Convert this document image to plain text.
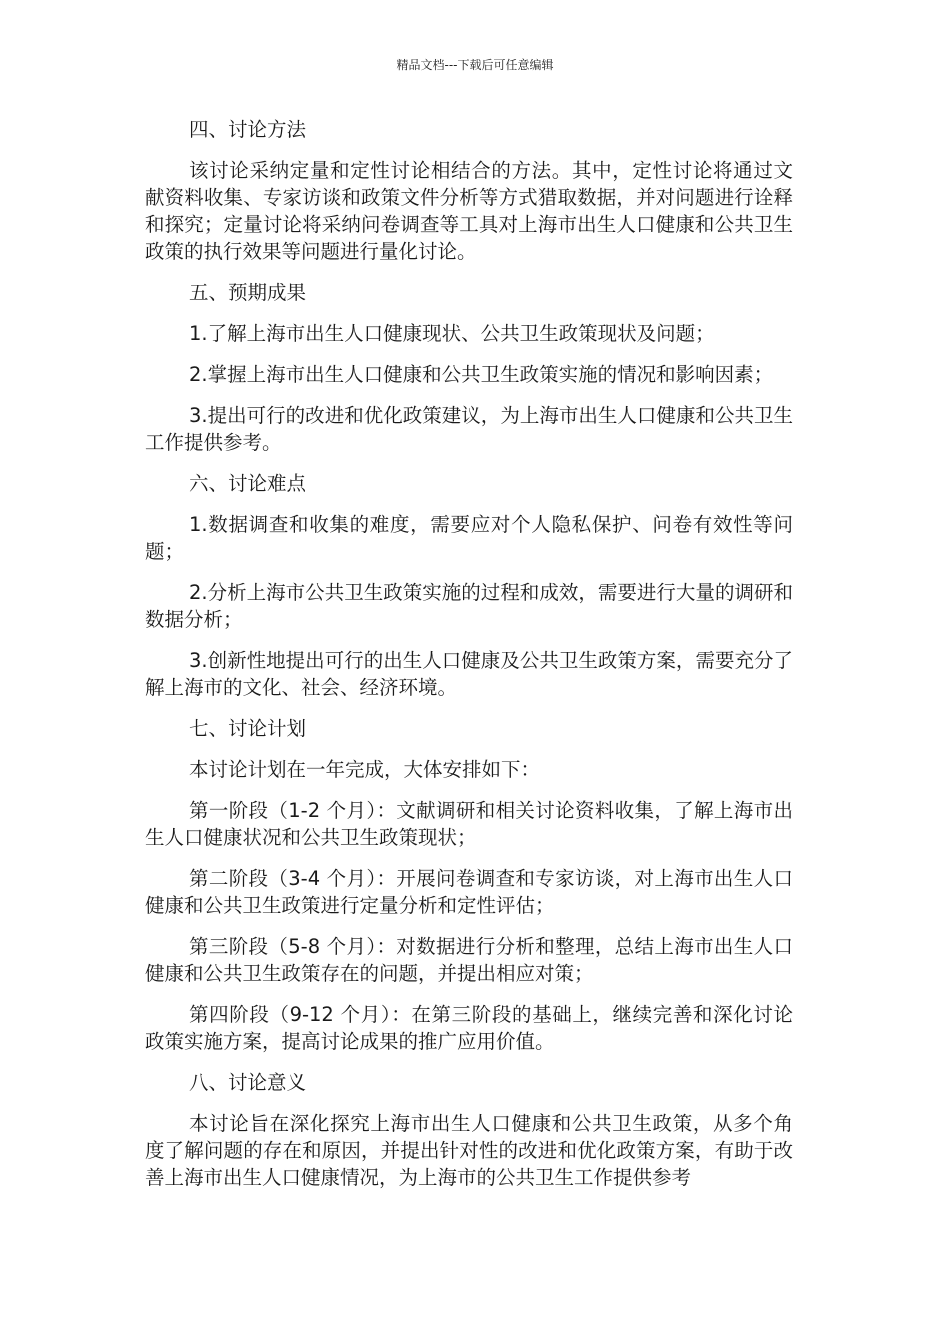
精品文档---下载后可任意编辑

四、讨论方法

该讨论采纳定量和定性讨论相结合的方法。其中，定性讨论将通过文献资料收集、专家访谈和政策文件分析等方式猎取数据，并对问题进行诠释和探究；定量讨论将采纳问卷调查等工具对上海市出生人口健康和公共卫生政策的执行效果等问题进行量化讨论。

五、预期成果

1.了解上海市出生人口健康现状、公共卫生政策现状及问题；

2.掌握上海市出生人口健康和公共卫生政策实施的情况和影响因素；

3.提出可行的改进和优化政策建议，为上海市出生人口健康和公共卫生工作提供参考。

六、讨论难点

1.数据调查和收集的难度，需要应对个人隐私保护、问卷有效性等问题；

2.分析上海市公共卫生政策实施的过程和成效，需要进行大量的调研和数据分析；

3.创新性地提出可行的出生人口健康及公共卫生政策方案，需要充分了解上海市的文化、社会、经济环境。

七、讨论计划

本讨论计划在一年完成，大体安排如下：

第一阶段（1-2 个月）：文献调研和相关讨论资料收集，了解上海市出生人口健康状况和公共卫生政策现状；

第二阶段（3-4 个月）：开展问卷调查和专家访谈，对上海市出生人口健康和公共卫生政策进行定量分析和定性评估；

第三阶段（5-8 个月）：对数据进行分析和整理，总结上海市出生人口健康和公共卫生政策存在的问题，并提出相应对策；

第四阶段（9-12 个月）：在第三阶段的基础上，继续完善和深化讨论政策实施方案，提高讨论成果的推广应用价值。

八、讨论意义

本讨论旨在深化探究上海市出生人口健康和公共卫生政策，从多个角度了解问题的存在和原因，并提出针对性的改进和优化政策方案，有助于改善上海市出生人口健康情况，为上海市的公共卫生工作提供参考
